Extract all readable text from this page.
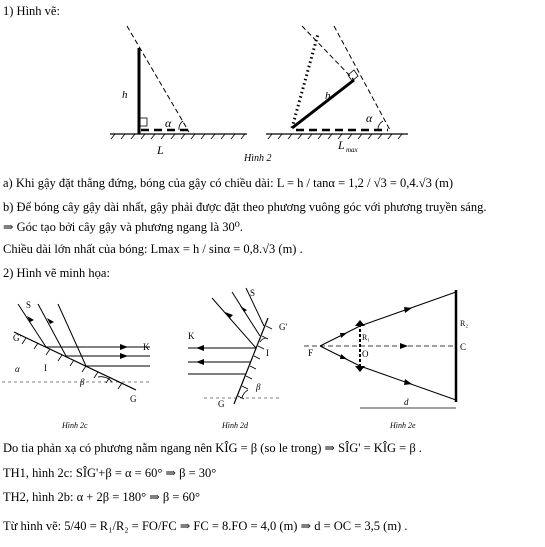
1) Hình vẽ:
h
α
L
h
α
L max
Hình 2
a) Khi gậy đặt thẳng đứng, bóng của gậy có chiều dài: L = h / tanα = 1,2 / √3 = 0,4.√3 (m)
b) Để bóng cây gậy dài nhất, gậy phải được đặt theo phương vuông góc với phương truyền sáng.
⇒ Góc tạo bởi cây gậy và phương ngang là 30⁰.
Chiều dài lớn nhất của bóng: Lmax = h / sinα = 0,8.√3 (m) .
2) Hình vẽ minh họa:
S
G'
K
I
α
β
G
Hình 2c
K
S
G'
I
β
G
Hình 2d
R₁
R₂
F	O
C
d
Hình 2e
Do tia phản xạ có phương nằm ngang nên KÎG = β (so le trong) ⇒ SÎG' = KÎG = β .
TH1, hình 2c: SÎG'+β = α = 60° ⇒ β = 30°
TH2, hình 2b: α + 2β = 180° ⇒ β = 60°
Từ hình vẽ: 5/40 = R₁/R₂ = FO/FC ⇒ FC = 8.FO = 4,0 (m) ⇒ d = OC = 3,5 (m) .
